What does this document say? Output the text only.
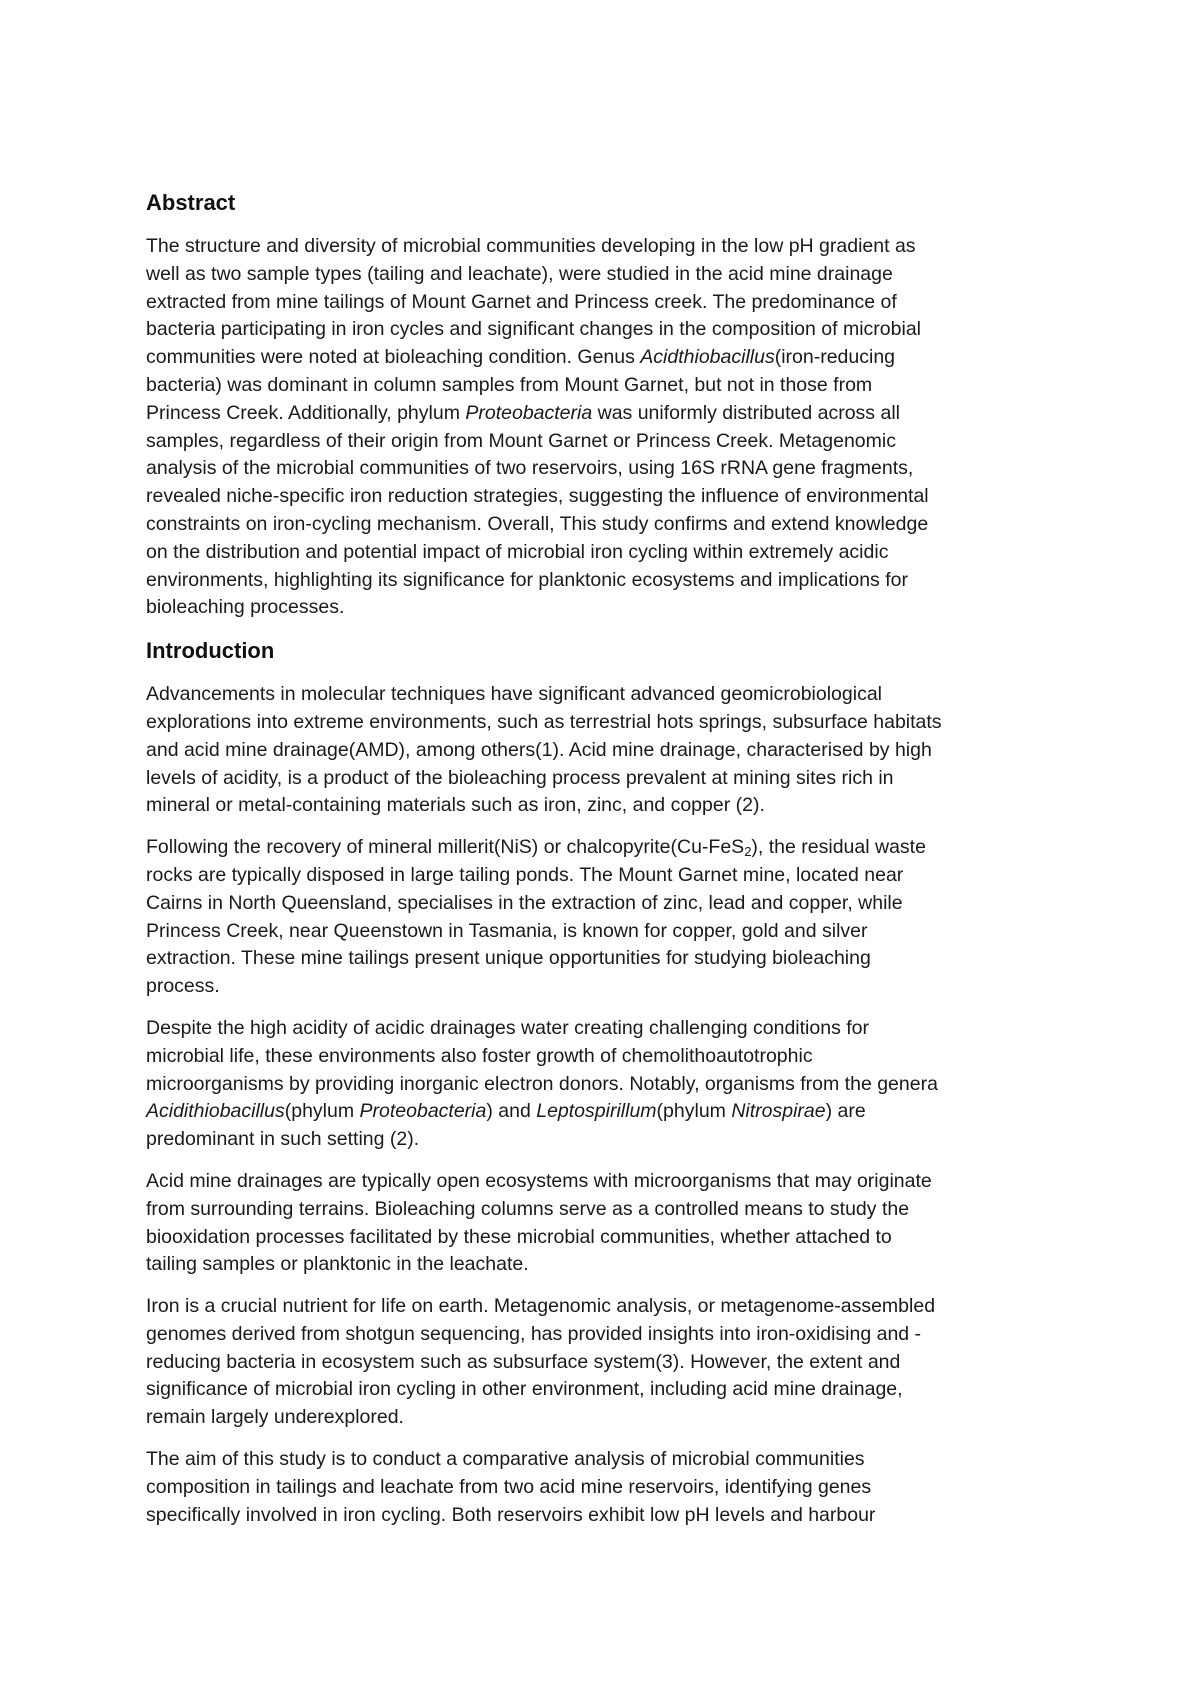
Abstract

The structure and diversity of microbial communities developing in the low pH gradient as
well as two sample types (tailing and leachate), were studied in the acid mine drainage
extracted from mine tailings of Mount Garnet and Princess creek. The predominance of
bacteria participating in iron cycles and significant changes in the composition of microbial
communities were noted at bioleaching condition. Genus Acidthiobacillus(iron-reducing
bacteria) was dominant in column samples from Mount Garnet, but not in those from
Princess Creek. Additionally, phylum Proteobacteria was uniformly distributed across all
samples, regardless of their origin from Mount Garnet or Princess Creek. Metagenomic
analysis of the microbial communities of two reservoirs, using 16S rRNA gene fragments,
revealed niche-specific iron reduction strategies, suggesting the influence of environmental
constraints on iron-cycling mechanism. Overall, This study confirms and extend knowledge
on the distribution and potential impact of microbial iron cycling within extremely acidic
environments, highlighting its significance for planktonic ecosystems and implications for
bioleaching processes.

Introduction

Advancements in molecular techniques have significant advanced geomicrobiological
explorations into extreme environments, such as terrestrial hots springs, subsurface habitats
and acid mine drainage(AMD), among others(1). Acid mine drainage, characterised by high
levels of acidity, is a product of the bioleaching process prevalent at mining sites rich in
mineral or metal-containing materials such as iron, zinc, and copper (2).

Following the recovery of mineral millerit(NiS) or chalcopyrite(Cu-FeS$_2$), the residual waste
rocks are typically disposed in large tailing ponds. The Mount Garnet mine, located near
Cairns in North Queensland, specialises in the extraction of zinc, lead and copper, while
Princess Creek, near Queenstown in Tasmania, is known for copper, gold and silver
extraction. These mine tailings present unique opportunities for studying bioleaching
process.

Despite the high acidity of acidic drainages water creating challenging conditions for
microbial life, these environments also foster growth of chemolithoautotrophic
microorganisms by providing inorganic electron donors. Notably, organisms from the genera
Acidithiobacillus(phylum Proteobacteria) and Leptospirillum(phylum Nitrospirae) are
predominant in such setting (2).

Acid mine drainages are typically open ecosystems with microorganisms that may originate
from surrounding terrains. Bioleaching columns serve as a controlled means to study the
biooxidation processes facilitated by these microbial communities, whether attached to
tailing samples or planktonic in the leachate.

Iron is a crucial nutrient for life on earth. Metagenomic analysis, or metagenome-assembled
genomes derived from shotgun sequencing, has provided insights into iron-oxidising and -
reducing bacteria in ecosystem such as subsurface system(3). However, the extent and
significance of microbial iron cycling in other environment, including acid mine drainage,
remain largely underexplored.

The aim of this study is to conduct a comparative analysis of microbial communities
composition in tailings and leachate from two acid mine reservoirs, identifying genes
specifically involved in iron cycling. Both reservoirs exhibit low pH levels and harbour
